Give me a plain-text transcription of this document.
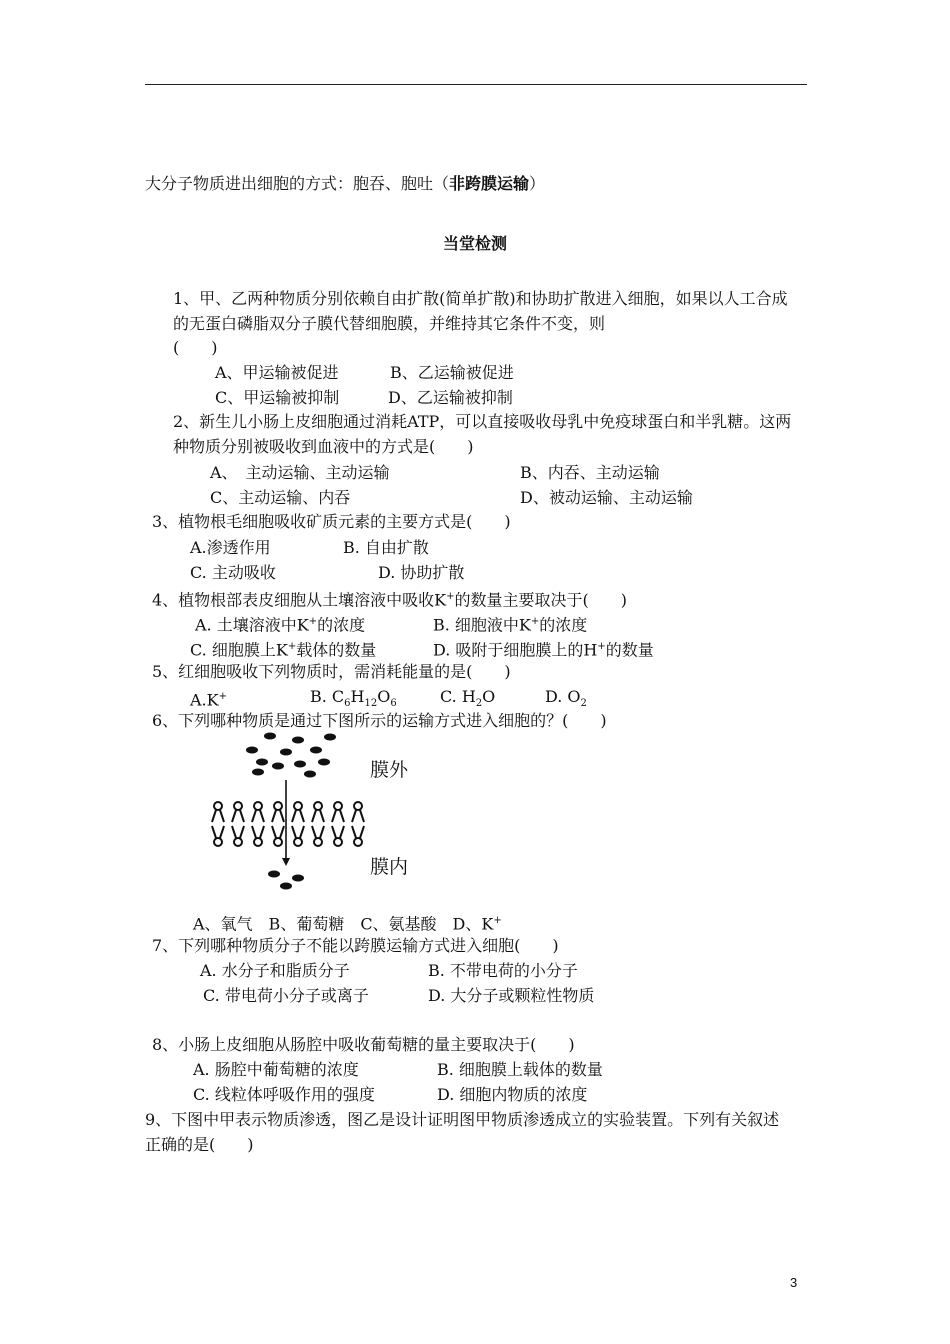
大分子物质进出细胞的方式：胞吞、胞吐（非跨膜运输）
当堂检测
1、甲、乙两种物质分别依赖自由扩散(简单扩散)和协助扩散进入细胞，如果以人工合成
的无蛋白磷脂双分子膜代替细胞膜，并维持其它条件不变，则
(　　)
A、甲运输被促进	B、乙运输被促进
C、甲运输被抑制	D、乙运输被抑制
2、新生儿小肠上皮细胞通过消耗ATP，可以直接吸收母乳中免疫球蛋白和半乳糖。这两
种物质分别被吸收到血液中的方式是(　　)
A、　主动运输、主动运输	B、内吞、主动运输
C、主动运输、内吞	D、被动运输、主动运输
3、植物根毛细胞吸收矿质元素的主要方式是(　　)
A.渗透作用	B. 自由扩散
C. 主动吸收	D. 协助扩散
4、植物根部表皮细胞从土壤溶液中吸收K+的数量主要取决于(　　)
A. 土壤溶液中K+的浓度	B. 细胞液中K+的浓度
C. 细胞膜上K+载体的数量	D. 吸附于细胞膜上的H+的数量
5、红细胞吸收下列物质时，需消耗能量的是(　　)
A.K+	B. $C_6H_{12}O_6$	C. $H_2O$	D. $O_2$
6、下列哪种物质是通过下图所示的运输方式进入细胞的？(　　)
膜外
膜内
A、氧气　B、葡萄糖　C、氨基酸　D、K+
7、下列哪种物质分子不能以跨膜运输方式进入细胞(　　)
A. 水分子和脂质分子	B. 不带电荷的小分子
C. 带电荷小分子或离子	D. 大分子或颗粒性物质
8、小肠上皮细胞从肠腔中吸收葡萄糖的量主要取决于(　　)
A. 肠腔中葡萄糖的浓度	B. 细胞膜上载体的数量
C. 线粒体呼吸作用的强度	D. 细胞内物质的浓度
9、下图中甲表示物质渗透，图乙是设计证明图甲物质渗透成立的实验装置。下列有关叙述
正确的是(　　)
3
